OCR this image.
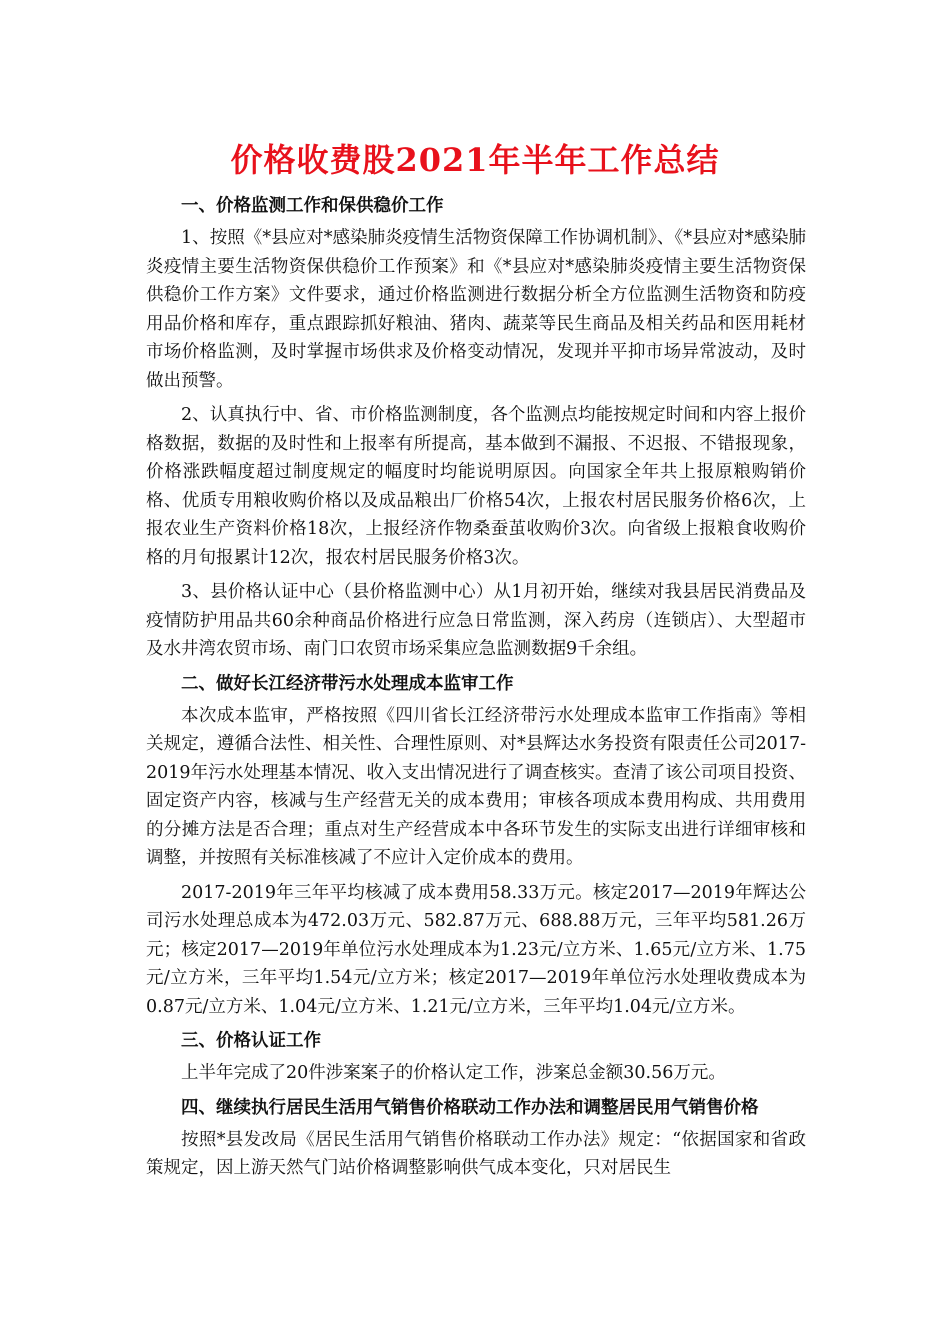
价格收费股2021年半年工作总结
一、价格监测工作和保供稳价工作

1、按照《*县应对*感染肺炎疫情生活物资保障工作协调机制》、《*县应对*感染肺炎疫情主要生活物资保供稳价工作预案》和《*县应对*感染肺炎疫情主要生活物资保供稳价工作方案》文件要求，通过价格监测进行数据分析全方位监测生活物资和防疫用品价格和库存，重点跟踪抓好粮油、猪肉、蔬菜等民生商品及相关药品和医用耗材市场价格监测，及时掌握市场供求及价格变动情况，发现并平抑市场异常波动，及时做出预警。

2、认真执行中、省、市价格监测制度，各个监测点均能按规定时间和内容上报价格数据，数据的及时性和上报率有所提高，基本做到不漏报、不迟报、不错报现象，价格涨跌幅度超过制度规定的幅度时均能说明原因。向国家全年共上报原粮购销价格、优质专用粮收购价格以及成品粮出厂价格54次，上报农村居民服务价格6次，上报农业生产资料价格18次，上报经济作物桑蚕茧收购价3次。向省级上报粮食收购价格的月旬报累计12次，报农村居民服务价格3次。

3、县价格认证中心（县价格监测中心）从1月初开始，继续对我县居民消费品及疫情防护用品共60余种商品价格进行应急日常监测，深入药房（连锁店）、大型超市及水井湾农贸市场、南门口农贸市场采集应急监测数据9千余组。

二、做好长江经济带污水处理成本监审工作

本次成本监审，严格按照《四川省长江经济带污水处理成本监审工作指南》等相关规定，遵循合法性、相关性、合理性原则、对*县辉达水务投资有限责任公司2017-2019年污水处理基本情况、收入支出情况进行了调查核实。查清了该公司项目投资、固定资产内容，核减与生产经营无关的成本费用；审核各项成本费用构成、共用费用的分摊方法是否合理；重点对生产经营成本中各环节发生的实际支出进行详细审核和调整，并按照有关标准核减了不应计入定价成本的费用。

2017-2019年三年平均核减了成本费用58.33万元。核定2017—2019年辉达公司污水处理总成本为472.03万元、582.87万元、688.88万元，三年平均581.26万元；核定2017—2019年单位污水处理成本为1.23元/立方米、1.65元/立方米、1.75元/立方米，三年平均1.54元/立方米；核定2017—2019年单位污水处理收费成本为0.87元/立方米、1.04元/立方米、1.21元/立方米，三年平均1.04元/立方米。

三、价格认证工作

上半年完成了20件涉案案子的价格认定工作，涉案总金额30.56万元。

四、继续执行居民生活用气销售价格联动工作办法和调整居民用气销售价格

按照*县发改局《居民生活用气销售价格联动工作办法》规定：“依据国家和省政策规定，因上游天然气门站价格调整影响供气成本变化，只对居民生
